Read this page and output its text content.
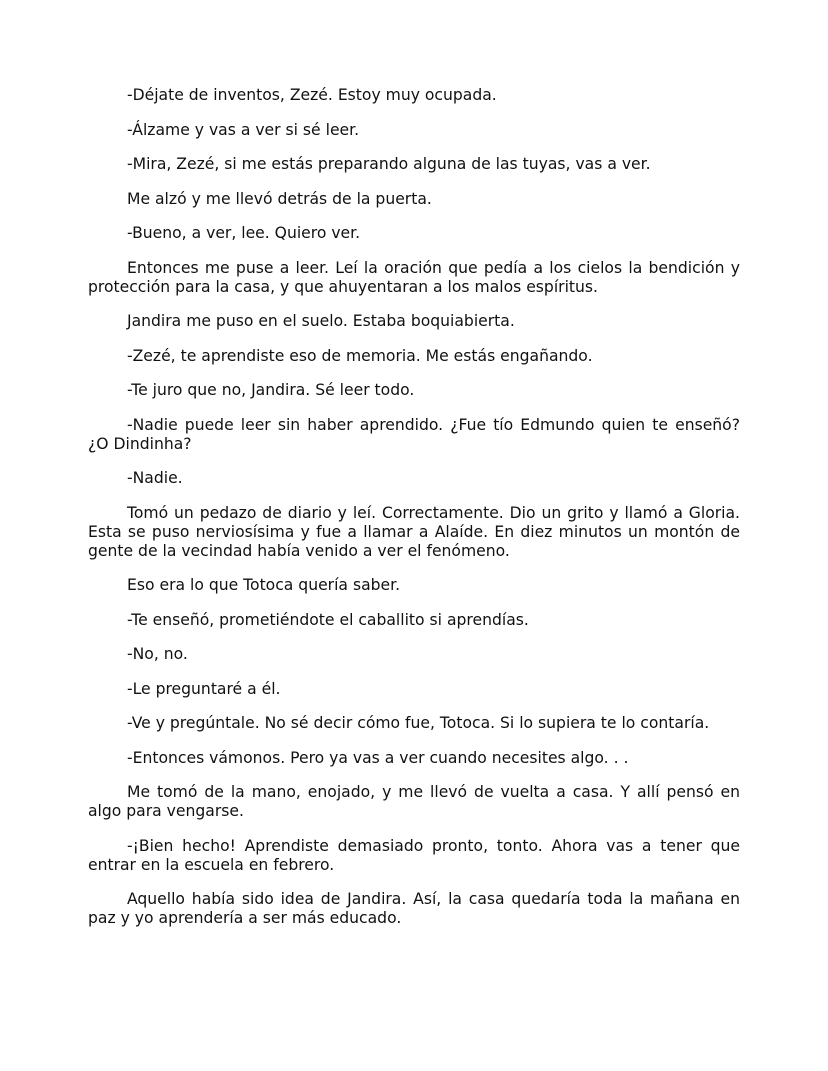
-Déjate de inventos, Zezé. Estoy muy ocupada.

-Álzame y vas a ver si sé leer.

-Mira, Zezé, si me estás preparando alguna de las tuyas, vas a ver.

Me alzó y me llevó detrás de la puerta.

-Bueno, a ver, lee. Quiero ver.

Entonces me puse a leer. Leí la oración que pedía a los cielos la bendición y protección para la casa, y que ahuyentaran a los malos espíritus.

Jandira me puso en el suelo. Estaba boquiabierta.

-Zezé, te aprendiste eso de memoria. Me estás engañando.

-Te juro que no, Jandira. Sé leer todo.

-Nadie puede leer sin haber aprendido. ¿Fue tío Edmundo quien te enseñó? ¿O Dindinha?

-Nadie.

Tomó un pedazo de diario y leí. Correctamente. Dio un grito y llamó a Gloria. Esta se puso nerviosísima y fue a llamar a Alaíde. En diez minutos un montón de gente de la vecindad había venido a ver el fenómeno.

Eso era lo que Totoca quería saber.

-Te enseñó, prometiéndote el caballito si aprendías.

-No, no.

-Le preguntaré a él.

-Ve y pregúntale. No sé decir cómo fue, Totoca. Si lo supiera te lo contaría.

-Entonces vámonos. Pero ya vas a ver cuando necesites algo. . .

Me tomó de la mano, enojado, y me llevó de vuelta a casa. Y allí pensó en algo para vengarse.

-¡Bien hecho! Aprendiste demasiado pronto, tonto. Ahora vas a tener que entrar en la escuela en febrero.

Aquello había sido idea de Jandira. Así, la casa quedaría toda la mañana en paz y yo aprendería a ser más educado.
